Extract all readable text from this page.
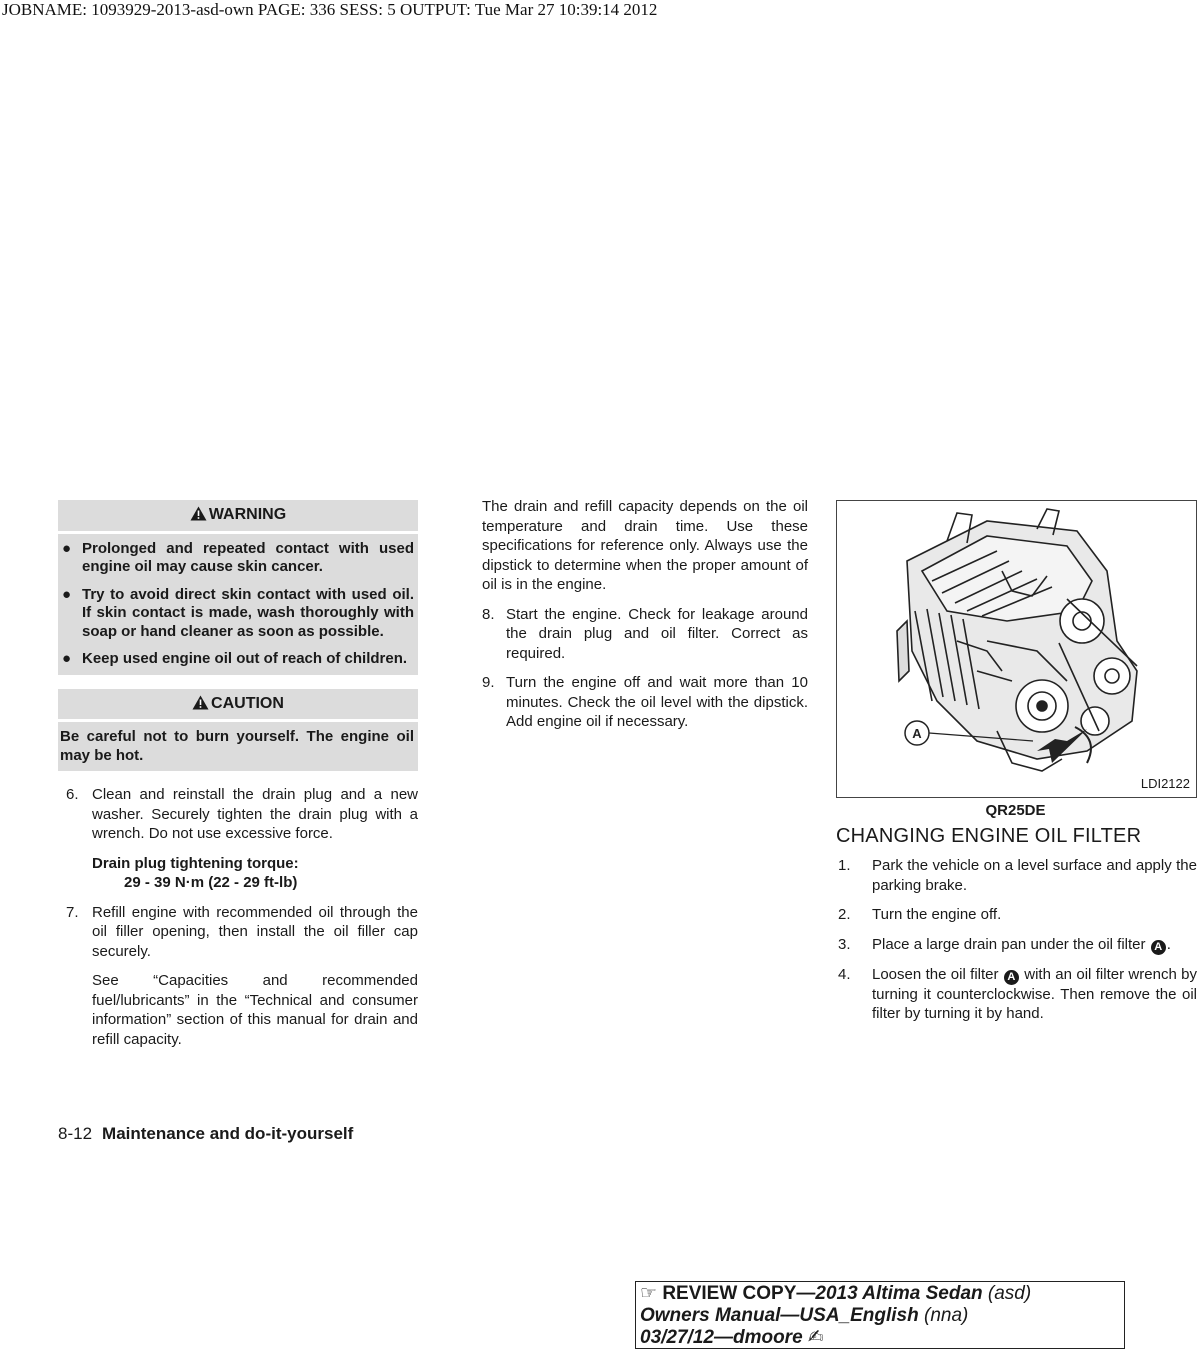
JOBNAME: 1093929-2013-asd-own PAGE: 336 SESS: 5 OUTPUT: Tue Mar 27 10:39:14 2012
WARNING
● Prolonged and repeated contact with used engine oil may cause skin cancer.
● Try to avoid direct skin contact with used oil. If skin contact is made, wash thoroughly with soap or hand cleaner as soon as possible.
● Keep used engine oil out of reach of children.
CAUTION
Be careful not to burn yourself. The engine oil may be hot.
6. Clean and reinstall the drain plug and a new washer. Securely tighten the drain plug with a wrench. Do not use excessive force.
Drain plug tightening torque:
29 - 39 N·m (22 - 29 ft-lb)
7. Refill engine with recommended oil through the oil filler opening, then install the oil filler cap securely.
See “Capacities and recommended fuel/lubricants” in the “Technical and consumer information” section of this manual for drain and refill capacity.
The drain and refill capacity depends on the oil temperature and drain time. Use these specifications for reference only. Always use the dipstick to determine when the proper amount of oil is in the engine.
8. Start the engine. Check for leakage around the drain plug and oil filter. Correct as required.
9. Turn the engine off and wait more than 10 minutes. Check the oil level with the dipstick. Add engine oil if necessary.
A
LDI2122
QR25DE
CHANGING ENGINE OIL FILTER
1. Park the vehicle on a level surface and apply the parking brake.
2. Turn the engine off.
3. Place a large drain pan under the oil filter A .
4. Loosen the oil filter A with an oil filter wrench by turning it counterclockwise. Then remove the oil filter by turning it by hand.
8-12 Maintenance and do-it-yourself
☞ REVIEW COPY—2013 Altima Sedan (asd)
Owners Manual—USA_English (nna)
03/27/12—dmoore ✍
